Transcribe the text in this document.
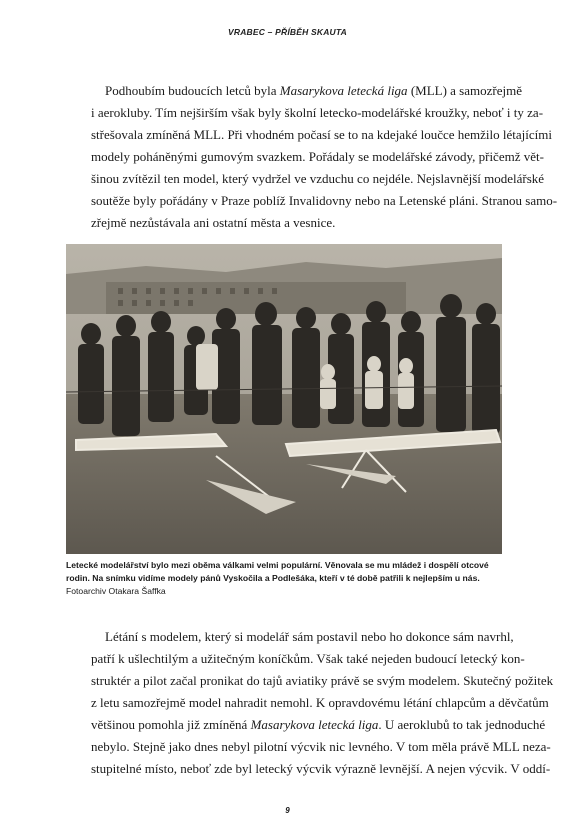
VRABEC – PŘÍBĚH SKAUTA

Podhoubím budoucích letců byla Masarykova letecká liga (MLL) a samozřejmě
i aerokluby. Tím nejširším však byly školní letecko-modelářské kroužky, neboť i ty za-
střešovala zmíněná MLL. Při vhodném počasí se to na kdejaké loučce hemžilo létajícími
modely poháněnými gumovým svazkem. Pořádaly se modelářské závody, přičemž vět-
šinou zvítězil ten model, který vydržel ve vzduchu co nejdéle. Nejslavnější modelářské
soutěže byly pořádány v Praze poblíž Invalidovny nebo na Letenské pláni. Stranou samo-
zřejmě nezůstávala ani ostatní města a vesnice.

Letecké modelářství bylo mezi oběma válkami velmi populární. Věnovala se mu mládež i dospělí otcové
rodin. Na snímku vidíme modely pánů Vyskočila a Podlešáka, kteří v té době patřili k nejlepším u nás.
Fotoarchiv Otakara Šaffka

Létání s modelem, který si modelář sám postavil nebo ho dokonce sám navrhl,
patří k ušlechtilým a užitečným koníčkům. Však také nejeden budoucí letecký kon-
struktér a pilot začal pronikat do tajů aviatiky právě se svým modelem. Skutečný požitek
z letu samozřejmě model nahradit nemohl. K opravdovému létání chlapcům a děvčatům
většinou pomohla již zmíněná Masarykova letecká liga. U aeroklubů to tak jednoduché
nebylo. Stejně jako dnes nebyl pilotní výcvik nic levného. V tom měla právě MLL neza-
stupitelné místo, neboť zde byl letecký výcvik výrazně levnější. A nejen výcvik. V oddí-

9
